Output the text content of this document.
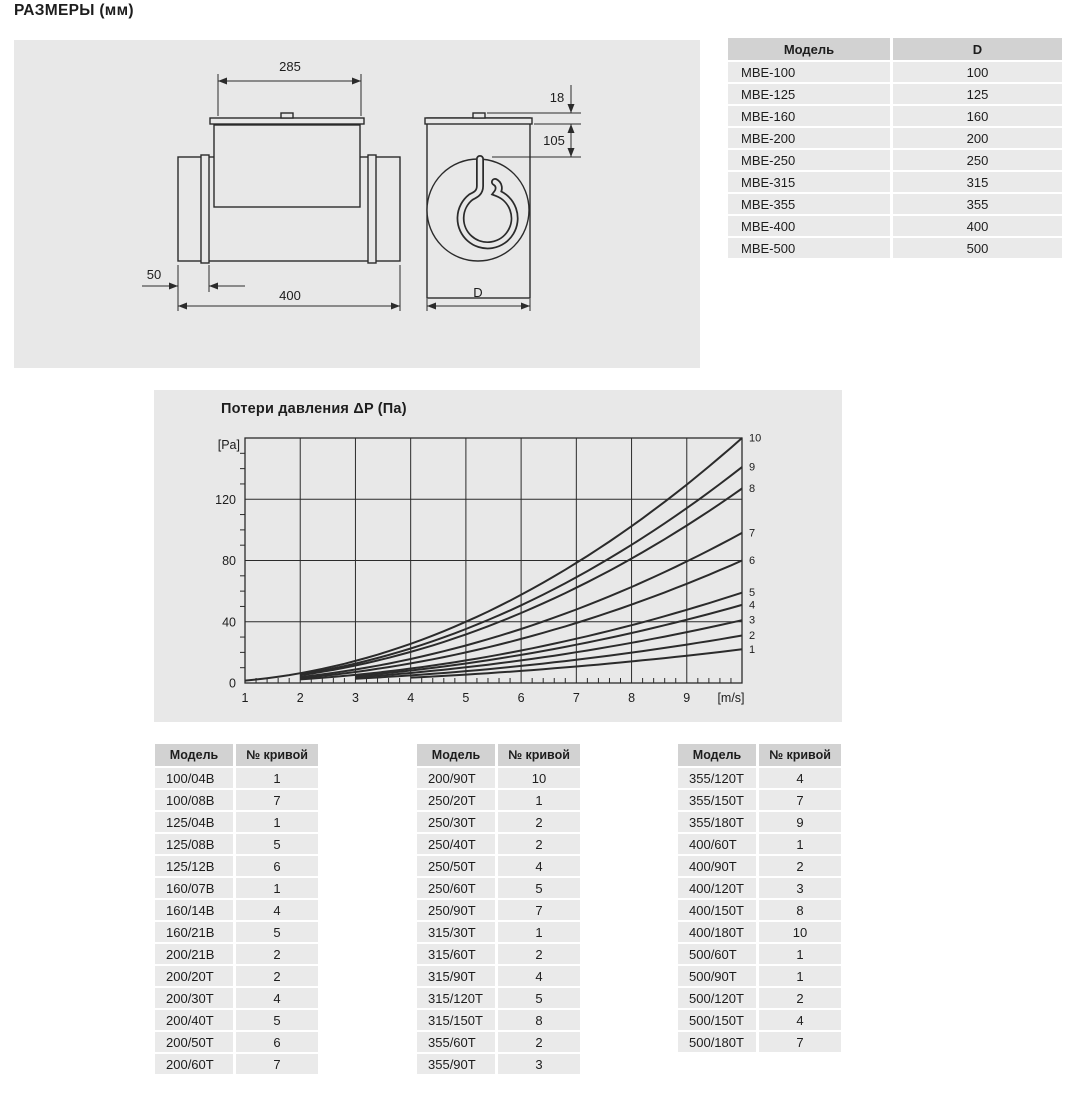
РАЗМЕРЫ (мм)
285
400
50
18
105
D
Модель	D
MBE-100	100
MBE-125	125
MBE-160	160
MBE-200	200
MBE-250	250
MBE-315	315
MBE-355	355
MBE-400	400
MBE-500	500
1
2
3
4
5
6
7
8
9
10
0
40
80
120
[Pa]
1	2	3	4	5	6	7	8	9 [m/s]
Потери давления ΔP (Па)
Модель	№ кривой
100/04B	1
100/08B	7
125/04B	1
125/08B	5
125/12B	6
160/07B	1
160/14B	4
160/21B	5
200/21B	2
200/20T	2
200/30T	4
200/40T	5
200/50T	6
200/60T	7
Модель	№ кривой
200/90T	10
250/20T	1
250/30T	2
250/40T	2
250/50T	4
250/60T	5
250/90T	7
315/30T	1
315/60T	2
315/90T	4
315/120T	5
315/150T	8
355/60T	2
355/90T	3
Модель	№ кривой
355/120T	4
355/150T	7
355/180T	9
400/60T	1
400/90T	2
400/120T	3
400/150T	8
400/180T	10
500/60T	1
500/90T	1
500/120T	2
500/150T	4
500/180T	7
